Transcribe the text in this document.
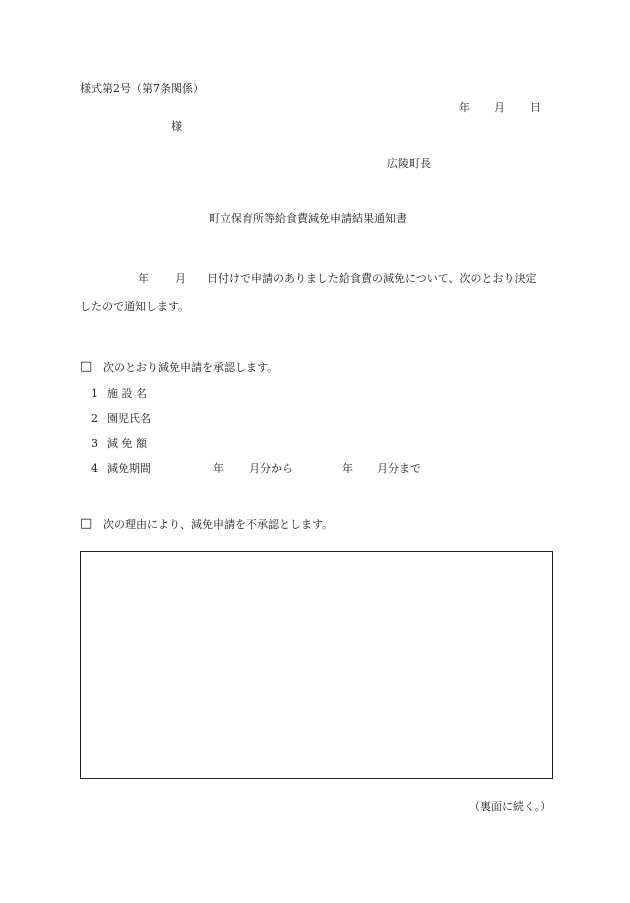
様式第2号（第7条関係）
年 月 日
様
広陵町長
町立保育所等給食費減免申請結果通知書
年 月 日付けで申請のありました給食費の減免について、次のとおり決定
したので通知します。
□ 次のとおり減免申請を承認します。
1 施 設 名
2 園児氏名
3 減 免 額
4 減免期間	年 月分から	年 月分まで
□ 次の理由により、減免申請を不承認とします。
（裏面に続く。）
